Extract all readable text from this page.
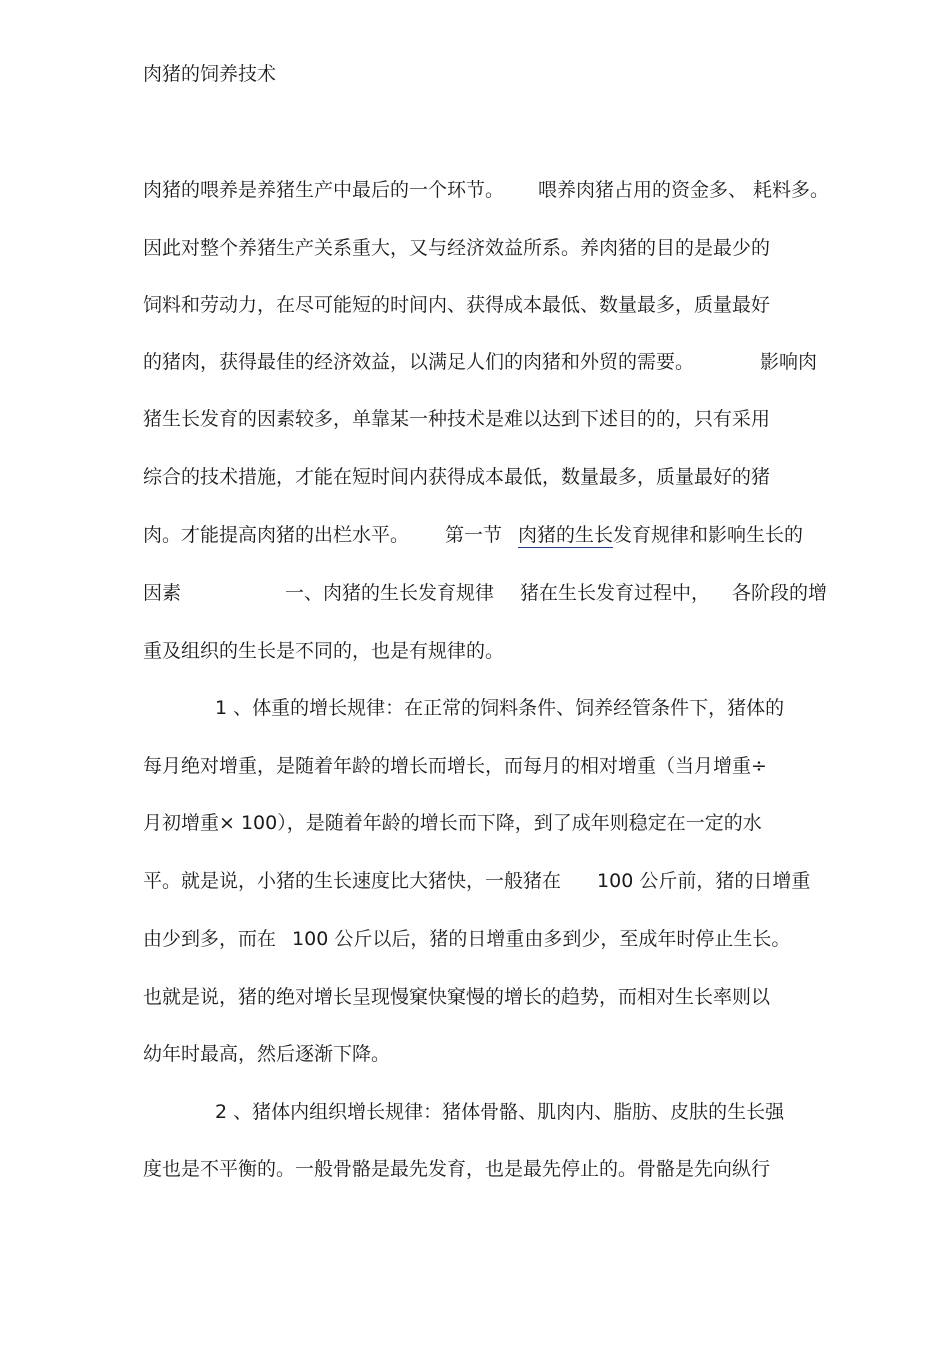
肉猪的饲养技术
肉猪的喂养是养猪生产中最后的一个环节。 喂养肉猪占用的资金多、 耗料多。
因此对整个养猪生产关系重大，又与经济效益所系。养肉猪的目的是最少的
饲料和劳动力，在尽可能短的时间内、获得成本最低、数量最多，质量最好
的猪肉，获得最佳的经济效益，以满足人们的肉猪和外贸的需要。	影响肉
猪生长发育的因素较多，单靠某一种技术是难以达到下述目的的，只有采用
综合的技术措施，才能在短时间内获得成本最低，数量最多，质量最好的猪
肉。才能提高肉猪的出栏水平。 第一节 肉猪的生长发育规律和影响生长的
因素	一、肉猪的生长发育规律 猪在生长发育过程中， 各阶段的增
重及组织的生长是不同的，也是有规律的。
1 、体重的增长规律：在正常的饲料条件、饲养经管条件下，猪体的
每月绝对增重，是随着年龄的增长而增长，而每月的相对增重（当月增重÷
月初增重× 100），是随着年龄的增长而下降，到了成年则稳定在一定的水
平。就是说，小猪的生长速度比大猪快，一般猪在 100 公斤前，猪的日增重
由少到多，而在 100 公斤以后，猪的日增重由多到少，至成年时停止生长。
也就是说，猪的绝对增长呈现慢窠快窠慢的增长的趋势，而相对生长率则以
幼年时最高，然后逐渐下降。
2 、猪体内组织增长规律：猪体骨骼、肌肉内、脂肪、皮肤的生长强
度也是不平衡的。一般骨骼是最先发育，也是最先停止的。骨骼是先向纵行
